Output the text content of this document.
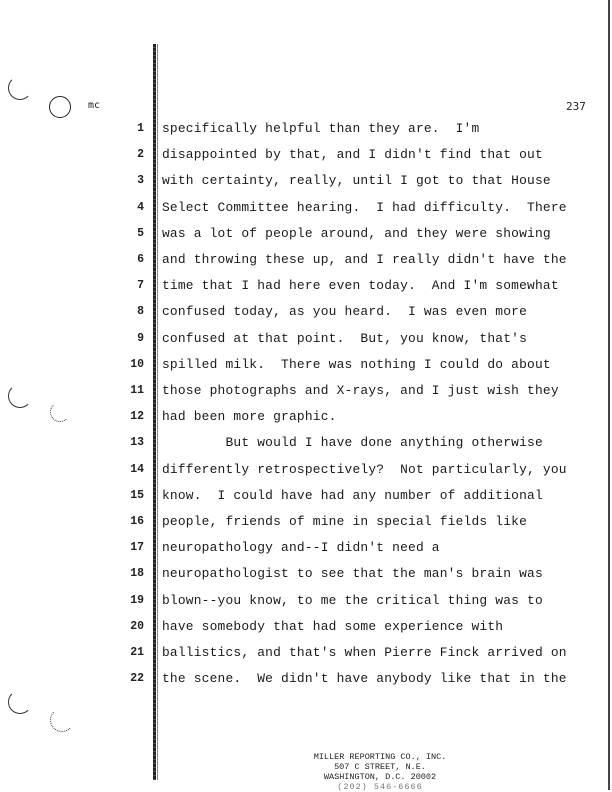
mc	237
1 specifically helpful than they are.  I'm
2 disappointed by that, and I didn't find that out
3 with certainty, really, until I got to that House
4 Select Committee hearing.  I had difficulty.  There
5 was a lot of people around, and they were showing
6 and throwing these up, and I really didn't have the
7 time that I had here even today.  And I'm somewhat
8 confused today, as you heard.  I was even more
9 confused at that point.  But, you know, that's
10 spilled milk.  There was nothing I could do about
11 those photographs and X-rays, and I just wish they
12 had been more graphic.
13 But would I have done anything otherwise
14 differently retrospectively?  Not particularly, you
15 know.  I could have had any number of additional
16 people, friends of mine in special fields like
17 neuropathology and--I didn't need a
18 neuropathologist to see that the man's brain was
19 blown--you know, to me the critical thing was to
20 have somebody that had some experience with
21 ballistics, and that's when Pierre Finck arrived on
22 the scene.  We didn't have anybody like that in the
MILLER REPORTING CO., INC.
507 C STREET, N.E.
WASHINGTON, D.C. 20002
(202) 546-6666
